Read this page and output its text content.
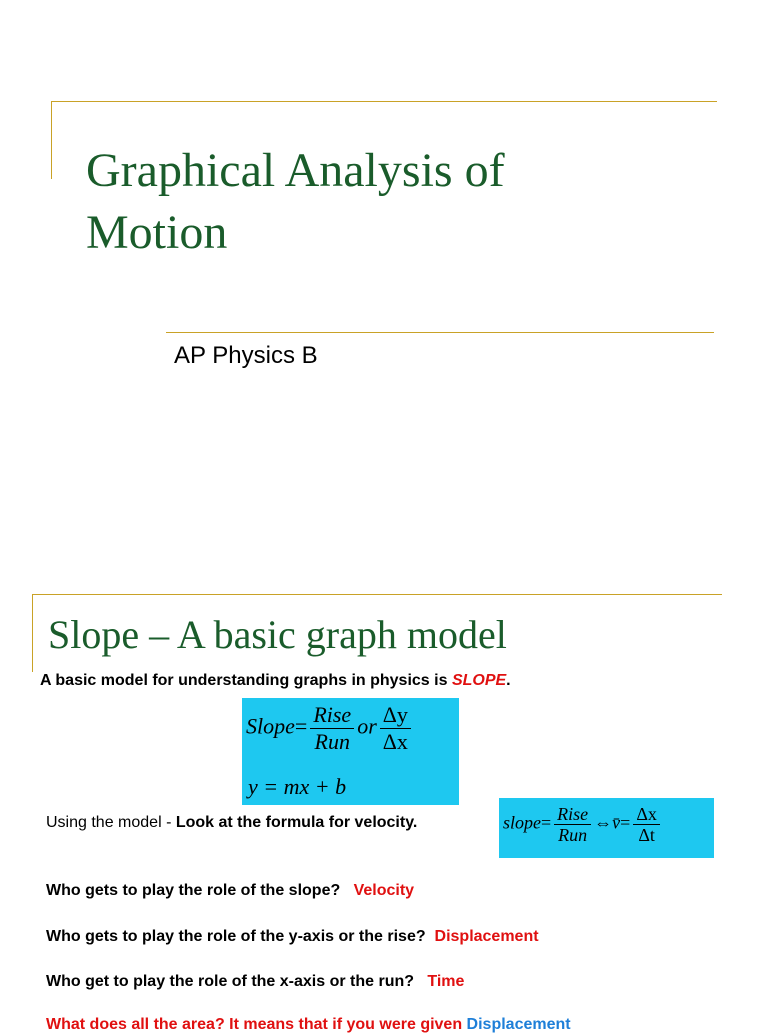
Graphical Analysis of
Motion

AP Physics B

Slope – A basic graph model
A basic model for understanding graphs in physics is SLOPE.
Slope= $\frac{\text{Rise}}{\text{Run}}$ or $\frac{\Delta y}{\Delta x}$
y = mx + b
Using the model - Look at the formula for velocity.	slope= $\frac{\text{Rise}}{\text{Run}}$ ⇔v̄= $\frac{\Delta x}{\Delta t}$
Who gets to play the role of the slope? Velocity
Who gets to play the role of the y-axis or the rise? Displacement
Who get to play the role of the x-axis or the run? Time
What does all the area? It means that if you were given Displacement
